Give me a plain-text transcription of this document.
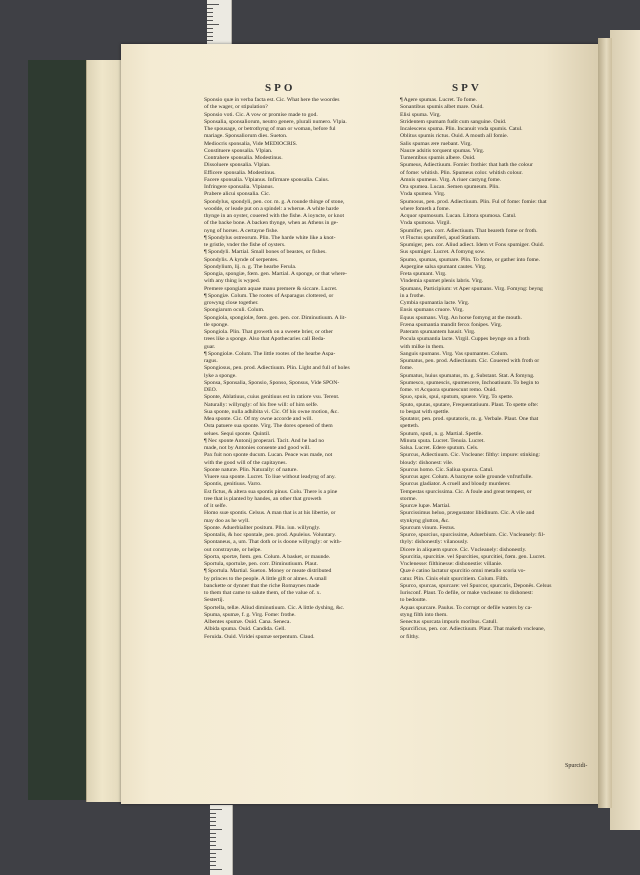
SPO	SPV
Sponsio quæ in verba facta est. Cic. What here the woordes
of the wager, or stipulation?
Sponsio voti. Cic. A vow or promise made to god.
Sponsalia, sponsaliorum, neutro genere, plurali numero. Vlpia.
The spousage, or betrothyng of man or woman, before ful
mariage. Sponsaliorum dies. Sueton.
Mediocris sponsalia, Vide MEDIOCRIS.
Constituere sponsalia. Vlpian.
Contrahere sponsalia. Modestinus.
Dissoluere sponsalia. Vlpian.
Efficere sponsalia. Modestinus.
Facere sponsalia. Vlpianus. Infirmare sponsalia. Caius.
Infringere sponsalia. Vlpianus.
Prabere alicui sponsalia. Cic.
Spondylus, spondyli, pen. cor. m. g. A rounde thinge of stone,
woodde, or leade put on a spindel: a wherue. A white harde
thynge in an oyster, couered with the fishe. A ioyncte, or knot
of the backe bone. A backen thynge, when as Athens in ge-
nyng of horses. A certayne fishe.
¶ Spondylus ostreorum. Plin. The harde white like a knot-
te gristle, vnder the fishe of oysters.
¶ Spondyli. Martial. Small bones of beastes, or fishes.
Spondylis. A kynde of serpentes.
Spondylium, lij. n. g. The hearbe Ferula.
Spongia, spongiæ, fœm. gen. Martial. A sponge, or that where-
with any thing is wyped.
Premere spongiam aquae manu premere & siccare. Lucret.
¶ Spongiæ. Colum. The rootes of Asparagus clottered, or
growyng close together.
Spongiarum oculi. Colum.
Spongiola, spongiolæ, fœm. gen. pen. cor. Diminutiuum. A lit-
tle sponge.
Spongiola. Plin. That groweth on a sweete brier, or other
trees like a sponge. Also that Apothecaries call Beda-
guar.
¶ Spongiolæ. Colum. The little rootes of the hearbe Aspa-
ragus.
Spongiosus, pen. prod. Adiectiuum. Plin. Light and full of holes
lyke a sponge.
Sponsa, Sponsalia, Sponsio, Sponso, Sponsus, Vide SPON-
DEO.
Sponte, Ablatiuus, cuius genitiuus est in ratiore vsu. Terent.
Naturally: willyngly: of his free will: of him selfe.
Sua sponte, nulla adhibita vi. Cic. Of his owne motion, &c.
Mea sponte. Cic. Of my owne accorde and will.
Osta patuere sua sponte. Virg. The dores opened of them
selues. Sequi sponte. Quintil.
¶ Nec sponte Antonij properari. Tacit. And he had no
made, not by Antonies consente and good will.
Pax fuit non sponte ducum. Lucan. Peace was made, not
with the good will of the capitaynes.
Sponte naturæ. Plin. Naturally: of nature.
Viuere sua sponte. Lucret. To liue without leadyng of any.
Spontis, genitiuus. Varro.
Est fictus, & altera sua spontis pinus. Colu. There is a pine
tree that is planted by handes, an other that groweth
of it selfe.
Homo suæ spontis. Celsus. A man that is at his libertie, or
may doo as he wyll.
Sponte. Aduerbialiter positum. Plin. iun. willyngly.
Spontalis, & hoc spontale, pen. prod. Apuleius. Voluntary.
Spontaneus, a, um. That doth or is doone willyngly: or with-
out constrayute, or helpe.
Sporta, sportæ, fœm. gen. Colum. A basket, or maunde.
Sportula, sportulæ, pen. corr. Diminutiuum. Plaut.
¶ Sportula. Martial. Sueton. Money or meate distributed
by princes to the people. A little gift or almes. A small
banckette or dynner that the riche Romaynes made
to them that came to salute them, of the value of. x.
Sestertij.
Sportella, tellæ. Aliud diminutiuum. Cic. A little dyshing, &c.
Spuma, spumæ, f. g. Virg. Fome: frothe.
Albentes spumæ. Ouid. Cana. Seneca.
Albida spuma. Ouid. Candida. Gell.
Feruida. Ouid. Viridei spumæ serpentum. Claud.
¶ Agere spumas. Lucret. To fome.
Sonantibus spumis albet mare. Ouid.
Elisi spuma. Virg.
Stridentem spumam fudit cum sanguine. Ouid.
Incalescens spuma. Plin. Incanuit vnda spumis. Catul.
Oblitus spumis rictus. Ouid. A mouth all fomie.
Salis spumas ære ruebant. Virg.
Nauræ adsitis torquent spumas. Virg.
Tumentibus spumis albere. Ouid.
Spumeus, Adiectiuum. Fomie: frothie: that hath the colour
of fome: whitish. Plin. Spumeus color. whitish colour.
Amnis spumeus. Virg. A riuer castyng fome.
Ora spumea. Lucan. Semen spumeum. Plin.
Vnda spumea. Virg.
Spumosus, pen. prod. Adiectiuum. Plin. Ful of fome: fomie: that
where fometh a fome.
Acquor spumosum. Lucan. Littora spumosa. Catul.
Vnda spumosa. Virgil.
Spumifer, pen. corr. Adiectiuum. That beareth fome or froth.
vt Fluctus spumiferi, apud Statium.
Spumiger, pen. cor. Aliud adiect. Idem vt Fons spumiger. Ouid.
Sus spumiger. Lucret. A fomyng sow.
Spumo, spumas, spumare. Plin. To fome, or gather into fome.
Aspergine salsa spumant cautes. Virg.
Freta spumant. Virg.
Vindemia spumet plenis labris. Virg.
Spumans, Participium: vt Aper spumans. Virg. Fomyng: beyng
in a frothe.
Cymbia spumantia lacte. Virg.
Ensis spumans cruore. Virg.
Equus spumans. Virg. An horse fomyng at the mouth.
Fræna spumantia mandit ferox fonipes. Virg.
Pateram spumantem hausit. Virg.
Pocula spumantia lacte. Virgil. Cuppes beynge on a froth
with milke in them.
Sanguis spumans. Virg. Vas spumantes. Colum.
Spumatus, pen. prod. Adiectiuum. Cic. Couered with froth or
fome.
Spumatus, huius spumatus, m. g. Substant. Stat. A fomyng.
Spumesco, spumescis, spumescere, Inchoatiuum. To begin to
fome. vt Acquora spumescunt remo. Ouid.
Spuo, spuis, spui, sputum, spuere. Virg. To spette.
Sputo, sputas, sputare, Frequentatiuum. Plaut. To spette ofte:
to bespat with spettle.
Sputator, pen. prod. sputatoris, m. g. Verbale. Plaut. One that
spetteth.
Sputum, sputi, n. g. Martial. Spettle.
Minuta sputa. Lucret. Tenuia. Lucret.
Salsa. Lucret. Edere sputum. Cels.
Spurcus, Adiectiuum. Cic. Vncleane: filthy: impure: stinking:
bloudy: dishonest: vile.
Spurcus homo. Cic. Saliua spurca. Catul.
Spurcus ager. Colum. A barayne soile grounde vnfrutfulle.
Spurcus gladiator. A cruell and bloudy murderer.
Tempestas spurcissima. Cic. A foule and great tempest, or
storme.
Spurcæ lupæ. Martial.
Spurcissimus heluo, prægustator libidinum. Cic. A vile and
stynkyng glutton, &c.
Spurcum vinum. Festus.
Spurce, spurcius, spurcissime, Aduerbium. Cic. Vncleanely: fil-
thyly: dishonestly: vilanously.
Dicere in aliquem spurce. Cic. Vncleanely: dishonestly.
Spurcitia, spurcitiæ. vel Spurcities, spurcitiei, fœm. gen. Lucret.
Vnclenesse: filthinesse: dishonestie: villanie.
Quæ è catino lactatur spurcitio omni metallo scoria vo-
catur. Plin. Cinis eluit spurcitiem. Colum. Filth.
Spurco, spurcas, spurcare: vel Spurcor, spurcaris, Deponês. Celsus
Iurisconf. Plaut. To defile, or make vncleane: to dishonest:
to bedoutte.
Aquas spurcare. Paulus. To corrupt or defile waters by ca-
styng filth into them.
Senectus spurcata impuris moribus. Catull.
Spurcificus, pen. cor. Adiectiuum. Plaut. That maketh vncleane,
or filthy.
Spurcidi-
